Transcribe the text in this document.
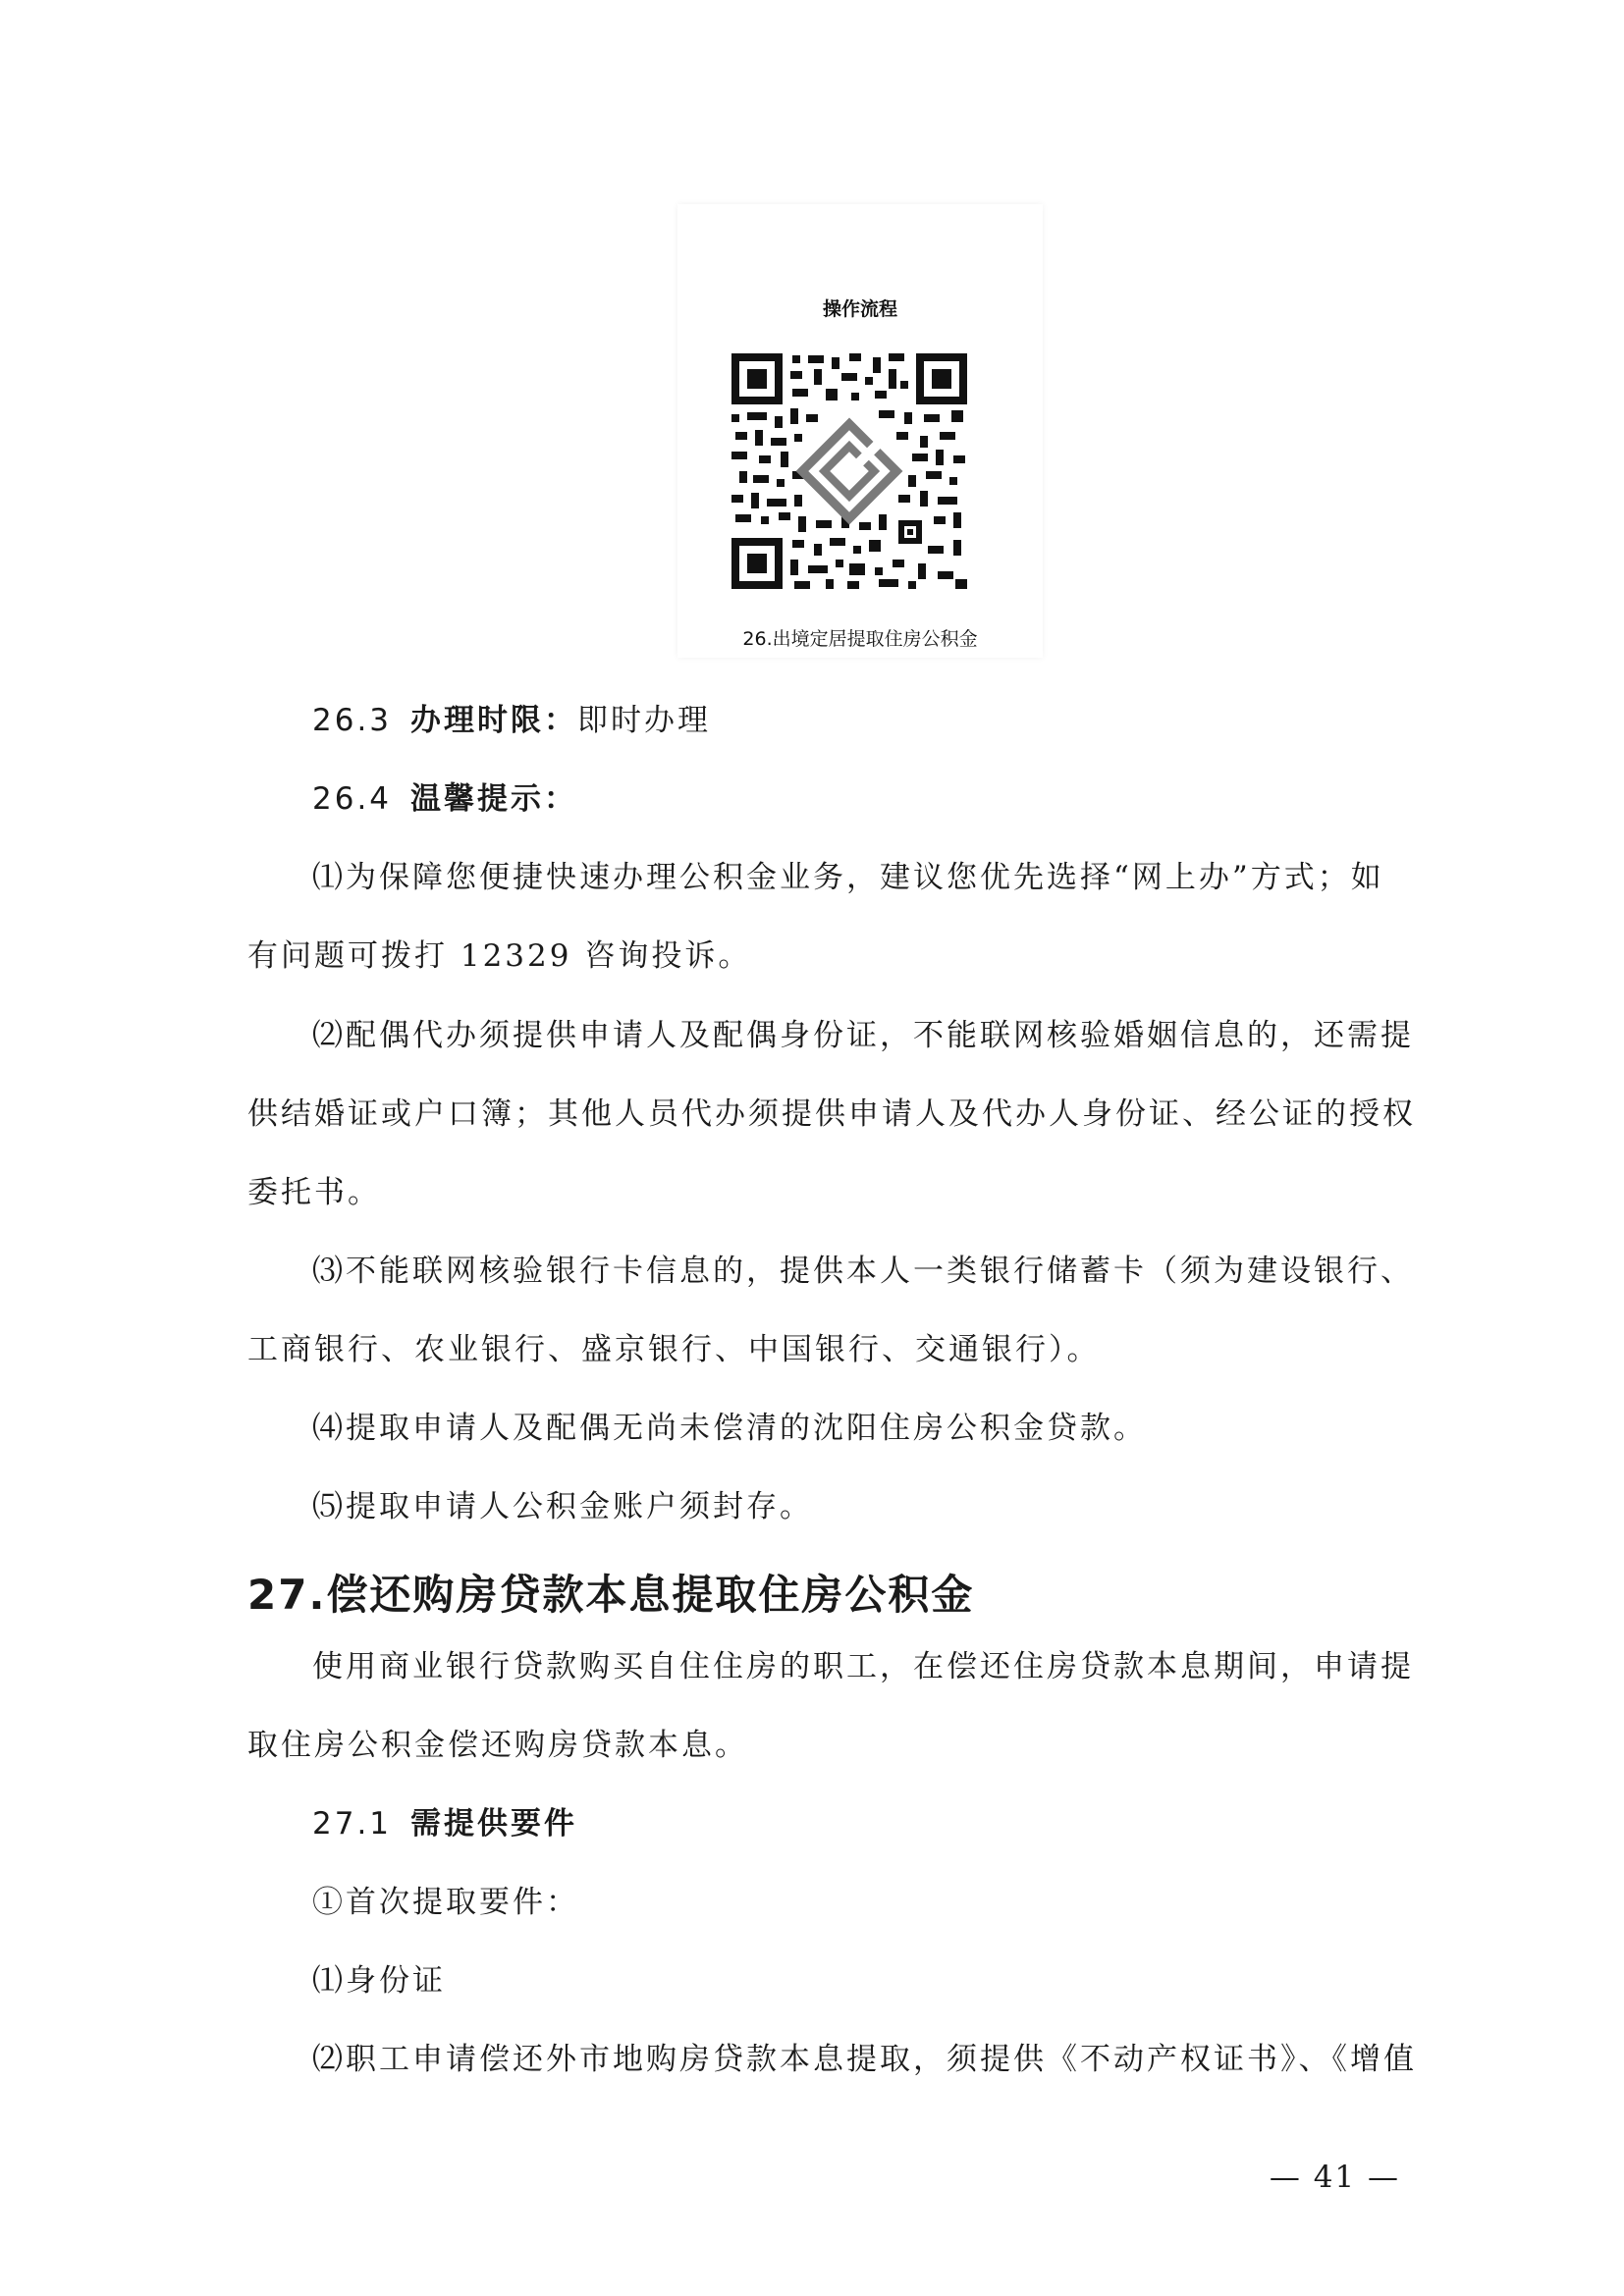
操作流程
26.出境定居提取住房公积金
26.3 办理时限：即时办理
26.4 温馨提示：
⑴为保障您便捷快速办理公积金业务，建议您优先选择“网上办”方式；如
有问题可拨打 12329 咨询投诉。
⑵配偶代办须提供申请人及配偶身份证，不能联网核验婚姻信息的，还需提
供结婚证或户口簿；其他人员代办须提供申请人及代办人身份证、经公证的授权
委托书。
⑶不能联网核验银行卡信息的，提供本人一类银行储蓄卡（须为建设银行、
工商银行、农业银行、盛京银行、中国银行、交通银行）。
⑷提取申请人及配偶无尚未偿清的沈阳住房公积金贷款。
⑸提取申请人公积金账户须封存。
27.偿还购房贷款本息提取住房公积金
使用商业银行贷款购买自住住房的职工，在偿还住房贷款本息期间，申请提
取住房公积金偿还购房贷款本息。
27.1 需提供要件
①首次提取要件：
⑴身份证
⑵职工申请偿还外市地购房贷款本息提取，须提供《不动产权证书》、《增值
— 41 —
